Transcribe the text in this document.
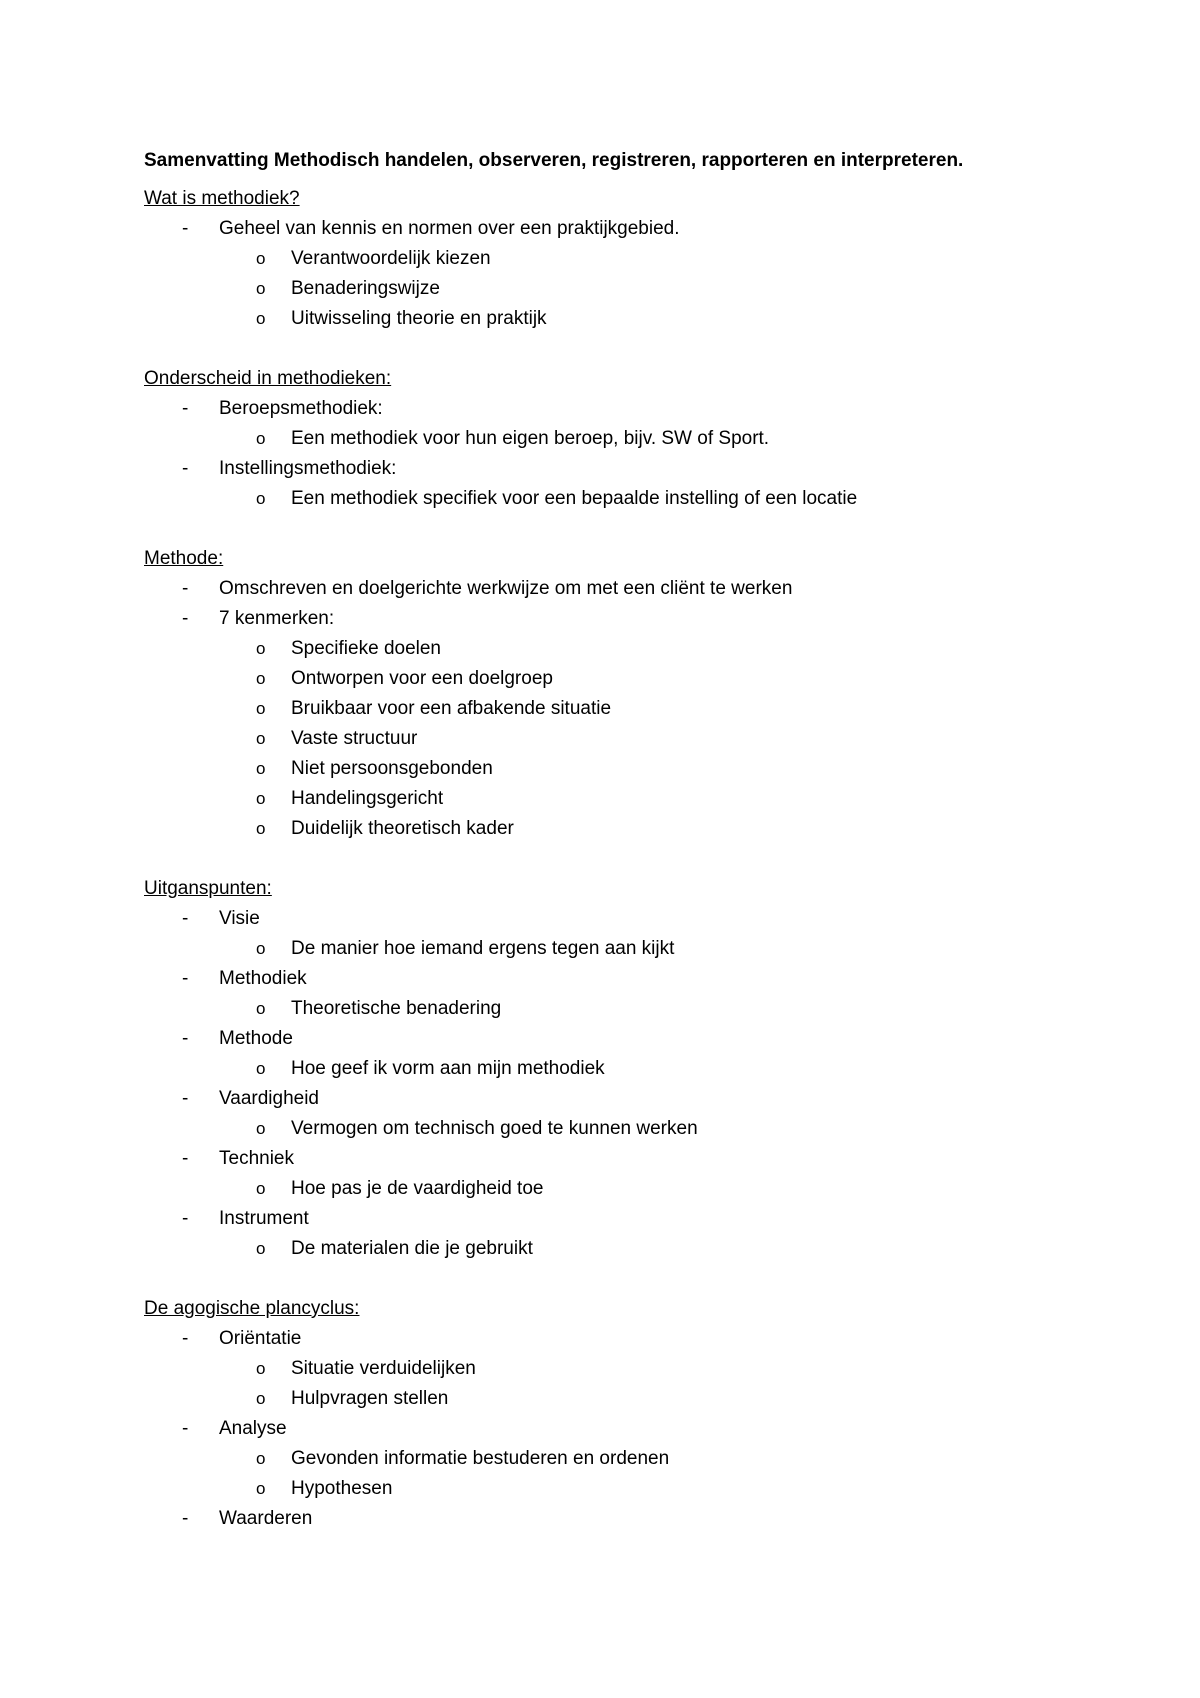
Samenvatting Methodisch handelen, observeren, registreren, rapporteren en interpreteren.
Wat is methodiek?
- Geheel van kennis en normen over een praktijkgebied.
o Verantwoordelijk kiezen
o Benaderingswijze
o Uitwisseling theorie en praktijk
Onderscheid in methodieken:
- Beroepsmethodiek:
o Een methodiek voor hun eigen beroep, bijv. SW of Sport.
- Instellingsmethodiek:
o Een methodiek specifiek voor een bepaalde instelling of een locatie
Methode:
- Omschreven en doelgerichte werkwijze om met een cliënt te werken
- 7 kenmerken:
o Specifieke doelen
o Ontworpen voor een doelgroep
o Bruikbaar voor een afbakende situatie
o Vaste structuur
o Niet persoonsgebonden
o Handelingsgericht
o Duidelijk theoretisch kader
Uitganspunten:
- Visie
o De manier hoe iemand ergens tegen aan kijkt
- Methodiek
o Theoretische benadering
- Methode
o Hoe geef ik vorm aan mijn methodiek
- Vaardigheid
o Vermogen om technisch goed te kunnen werken
- Techniek
o Hoe pas je de vaardigheid toe
- Instrument
o De materialen die je gebruikt
De agogische plancyclus:
- Oriëntatie
o Situatie verduidelijken
o Hulpvragen stellen
- Analyse
o Gevonden informatie bestuderen en ordenen
o Hypothesen
- Waarderen
